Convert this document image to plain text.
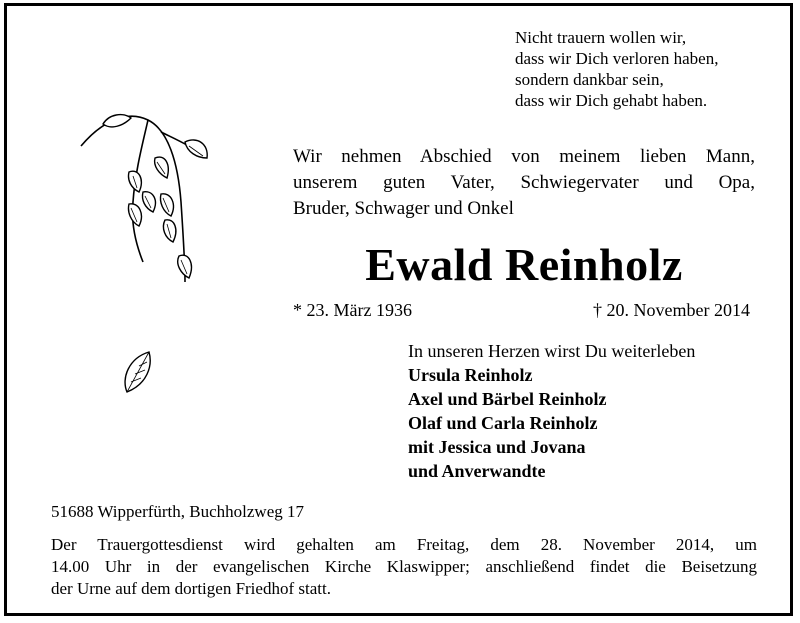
Nicht trauern wollen wir,
dass wir Dich verloren haben,
sondern dankbar sein,
dass wir Dich gehabt haben.
Wir nehmen Abschied von meinem lieben Mann,
unserem guten Vater, Schwiegervater und Opa,
Bruder, Schwager und Onkel
Ewald Reinholz
* 23. März 1936	† 20. November 2014
In unseren Herzen wirst Du weiterleben
Ursula Reinholz
Axel und Bärbel Reinholz
Olaf und Carla Reinholz
mit Jessica und Jovana
und Anverwandte
51688 Wipperfürth, Buchholzweg 17
Der Trauergottesdienst wird gehalten am Freitag, dem 28. November 2014, um
14.00 Uhr in der evangelischen Kirche Klaswipper; anschließend findet die Beisetzung
der Urne auf dem dortigen Friedhof statt.
